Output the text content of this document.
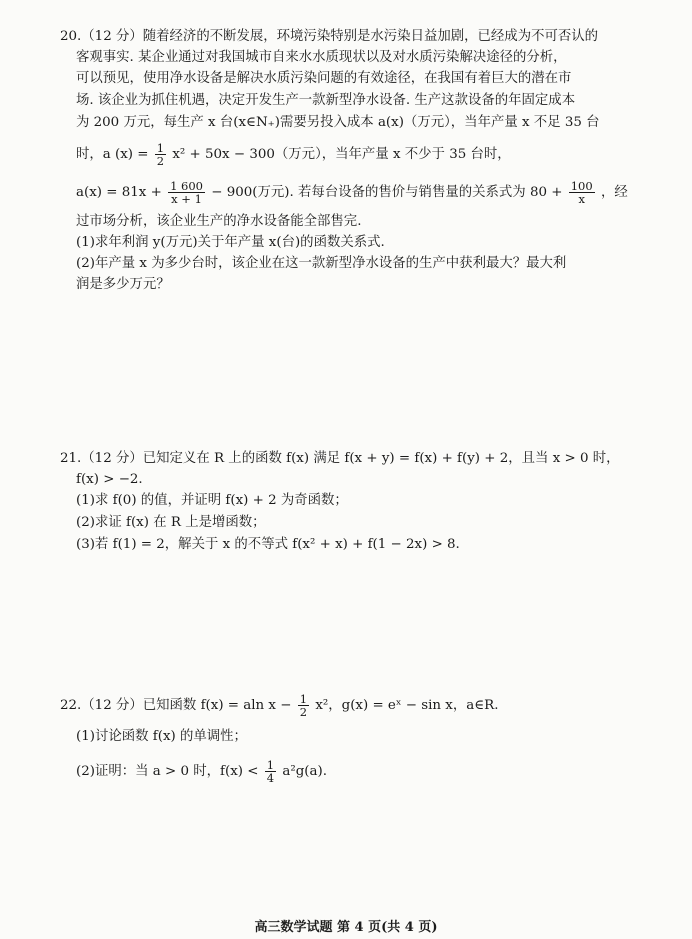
20.（12 分）随着经济的不断发展，环境污染特别是水污染日益加剧，已经成为不可否认的
客观事实. 某企业通过对我国城市自来水水质现状以及对水质污染解决途径的分析，
可以预见，使用净水设备是解决水质污染问题的有效途径，在我国有着巨大的潜在市
场. 该企业为抓住机遇，决定开发生产一款新型净水设备. 生产这款设备的年固定成本
为 200 万元，每生产 x 台(x∈N₊)需要另投入成本 a(x)（万元），当年产量 x 不足 35 台
时，a $(x) = \frac{1}{2} x^2 + 50x - 300$（万元），当年产量 x 不少于 35 台时，
$a(x) = 81x + \frac{1 600}{x + 1} - 900$(万元). 若每台设备的售价与销售量的关系式为 $80 + \frac{100}{x}$ ，经
过市场分析，该企业生产的净水设备能全部售完.
(1)求年利润 y(万元)关于年产量 x(台)的函数关系式.
(2)年产量 x 为多少台时，该企业在这一款新型净水设备的生产中获利最大？最大利
润是多少万元？
21.（12 分）已知定义在 R 上的函数 f(x) 满足 f(x + y) = f(x) + f(y) + 2，且当 x > 0 时，
f(x) > −2.
(1)求 f(0) 的值，并证明 f(x) + 2 为奇函数；
(2)求证 f(x) 在 R 上是增函数；
(3)若 f(1) = 2，解关于 x 的不等式 f(x² + x) + f(1 − 2x) > 8.
22.（12 分）已知函数 f(x) = aln $x - \frac{1}{2} x^2$，g(x) = eˣ − sin x，a∈R.
(1)讨论函数 f(x) 的单调性；
(2)证明：当 a > 0 时，$f(x) < \frac{1}{4} a^2g(a)$.
高三数学试题 第 4 页(共 4 页)
